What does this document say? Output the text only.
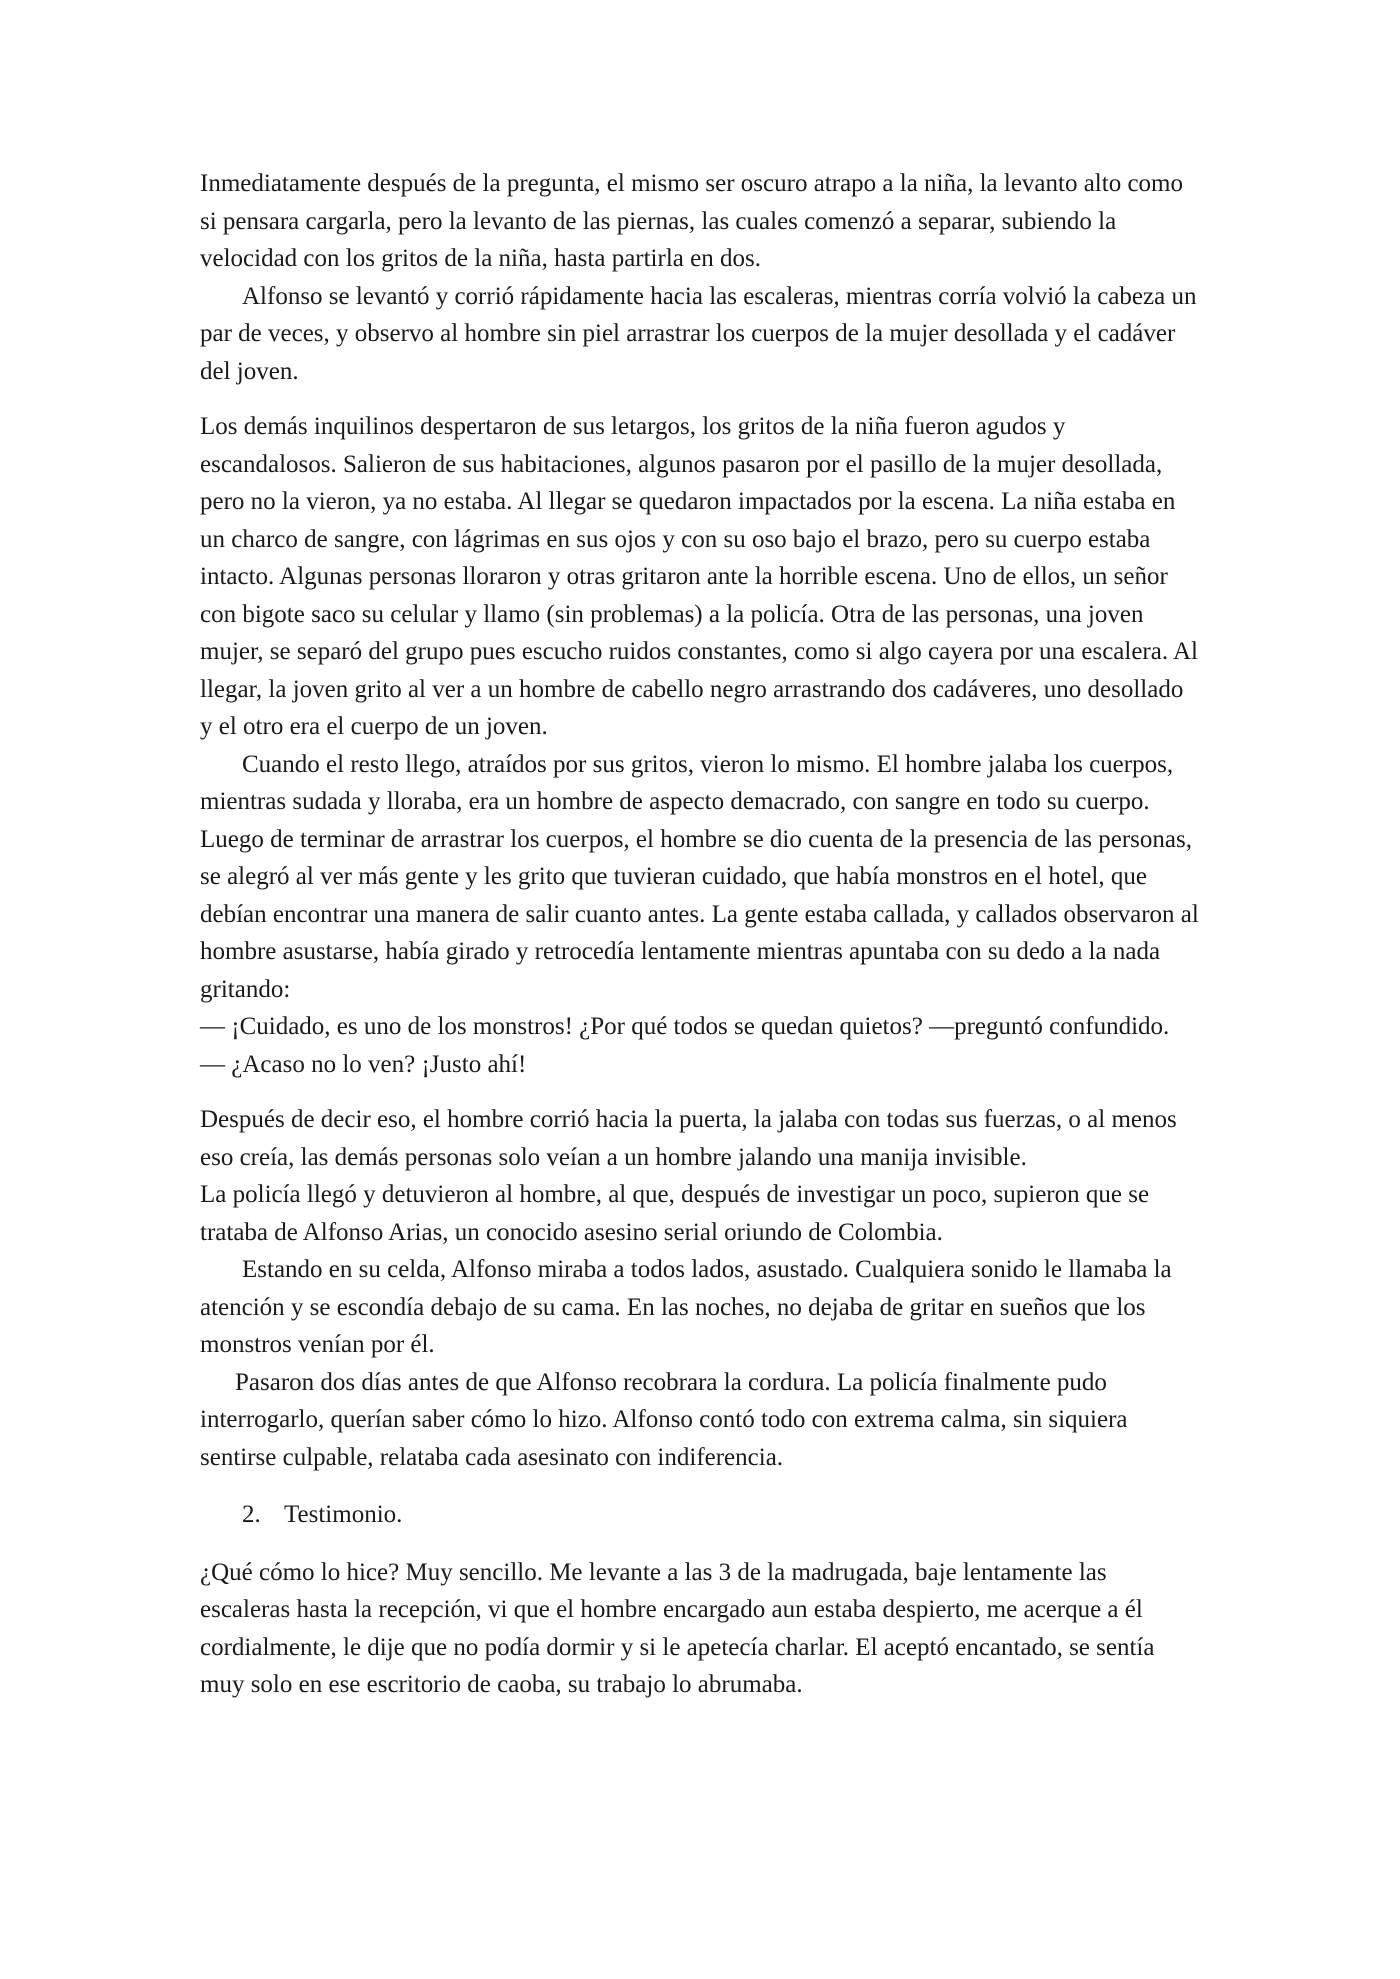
Inmediatamente después de la pregunta, el mismo ser oscuro atrapo a la niña, la levanto alto como si pensara cargarla, pero la levanto de las piernas, las cuales comenzó a separar, subiendo la velocidad con los gritos de la niña, hasta partirla en dos.

Alfonso se levantó y corrió rápidamente hacia las escaleras, mientras corría volvió la cabeza un par de veces, y observo al hombre sin piel arrastrar los cuerpos de la mujer desollada y el cadáver del joven.

Los demás inquilinos despertaron de sus letargos, los gritos de la niña fueron agudos y escandalosos. Salieron de sus habitaciones, algunos pasaron por el pasillo de la mujer desollada, pero no la vieron, ya no estaba. Al llegar se quedaron impactados por la escena. La niña estaba en un charco de sangre, con lágrimas en sus ojos y con su oso bajo el brazo, pero su cuerpo estaba intacto. Algunas personas lloraron y otras gritaron ante la horrible escena. Uno de ellos, un señor con bigote saco su celular y llamo (sin problemas) a la policía. Otra de las personas, una joven mujer, se separó del grupo pues escucho ruidos constantes, como si algo cayera por una escalera. Al llegar, la joven grito al ver a un hombre de cabello negro arrastrando dos cadáveres, uno desollado y el otro era el cuerpo de un joven.

Cuando el resto llego, atraídos por sus gritos, vieron lo mismo. El hombre jalaba los cuerpos, mientras sudada y lloraba, era un hombre de aspecto demacrado, con sangre en todo su cuerpo. Luego de terminar de arrastrar los cuerpos, el hombre se dio cuenta de la presencia de las personas, se alegró al ver más gente y les grito que tuvieran cuidado, que había monstros en el hotel, que debían encontrar una manera de salir cuanto antes. La gente estaba callada, y callados observaron al hombre asustarse, había girado y retrocedía lentamente mientras apuntaba con su dedo a la nada gritando:

— ¡Cuidado, es uno de los monstros! ¿Por qué todos se quedan quietos? —preguntó confundido. — ¿Acaso no lo ven? ¡Justo ahí!

Después de decir eso, el hombre corrió hacia la puerta, la jalaba con todas sus fuerzas, o al menos eso creía, las demás personas solo veían a un hombre jalando una manija invisible.

La policía llegó y detuvieron al hombre, al que, después de investigar un poco, supieron que se trataba de Alfonso Arias, un conocido asesino serial oriundo de Colombia.

Estando en su celda, Alfonso miraba a todos lados, asustado. Cualquiera sonido le llamaba la atención y se escondía debajo de su cama. En las noches, no dejaba de gritar en sueños que los monstros venían por él.

Pasaron dos días antes de que Alfonso recobrara la cordura. La policía finalmente pudo interrogarlo, querían saber cómo lo hizo. Alfonso contó todo con extrema calma, sin siquiera sentirse culpable, relataba cada asesinato con indiferencia.

2. Testimonio.

¿Qué cómo lo hice? Muy sencillo. Me levante a las 3 de la madrugada, baje lentamente las escaleras hasta la recepción, vi que el hombre encargado aun estaba despierto, me acerque a él cordialmente, le dije que no podía dormir y si le apetecía charlar. El aceptó encantado, se sentía muy solo en ese escritorio de caoba, su trabajo lo abrumaba.
